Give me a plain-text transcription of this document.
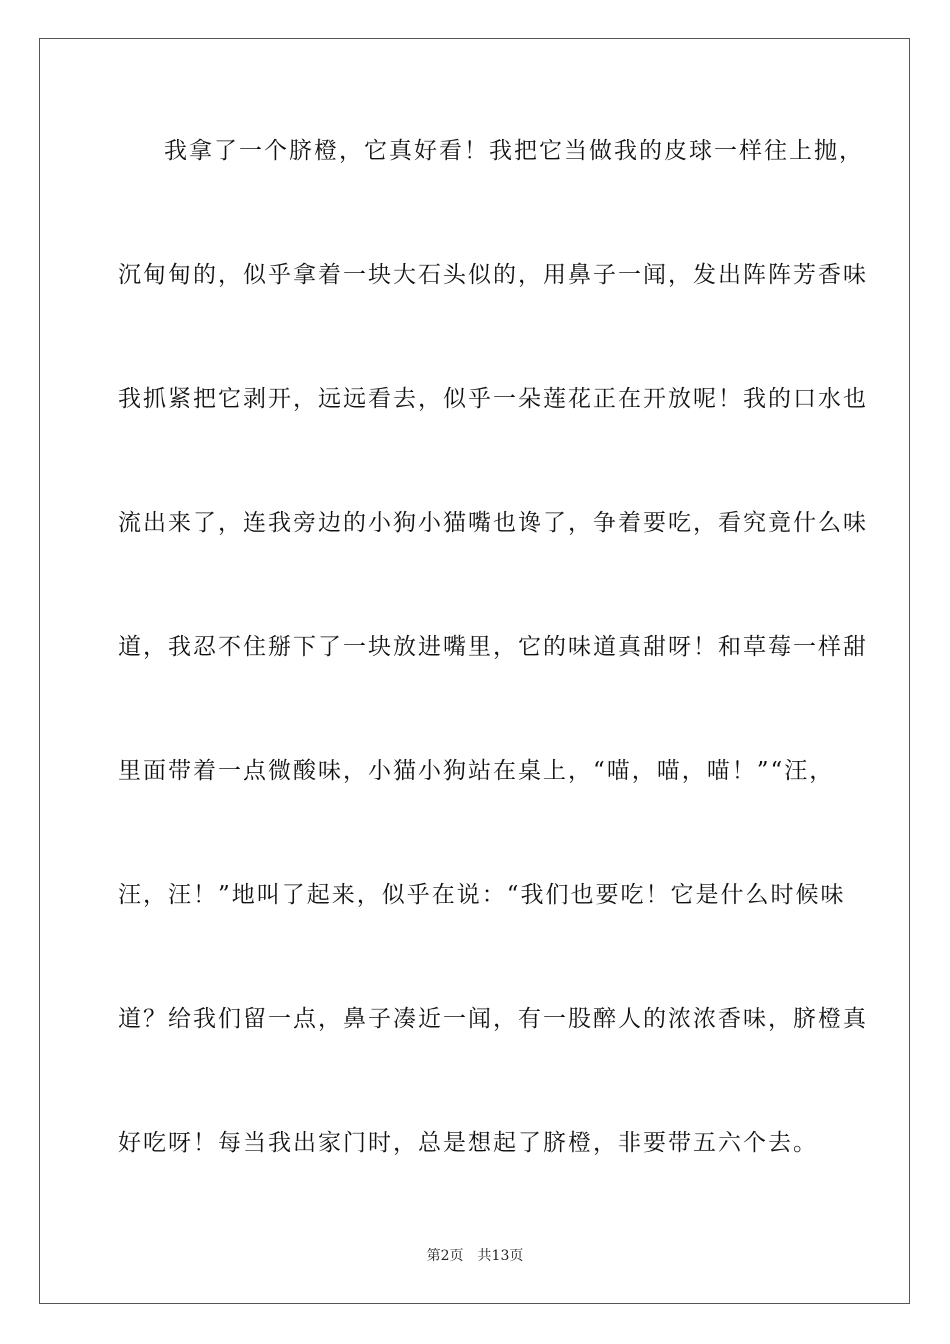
我拿了一个脐橙，它真好看！我把它当做我的皮球一样往上抛，
沉甸甸的，似乎拿着一块大石头似的，用鼻子一闻，发出阵阵芳香味
我抓紧把它剥开，远远看去，似乎一朵莲花正在开放呢！我的口水也
流出来了，连我旁边的小狗小猫嘴也谗了，争着要吃，看究竟什么味
道，我忍不住掰下了一块放进嘴里，它的味道真甜呀！和草莓一样甜
里面带着一点微酸味，小猫小狗站在桌上，“喵，喵，喵！”“汪，
汪，汪！”地叫了起来，似乎在说：“我们也要吃！它是什么时候味
道？给我们留一点，鼻子凑近一闻，有一股醉人的浓浓香味，脐橙真
好吃呀！每当我出家门时，总是想起了脐橙，非要带五六个去。
第2页 共13页
